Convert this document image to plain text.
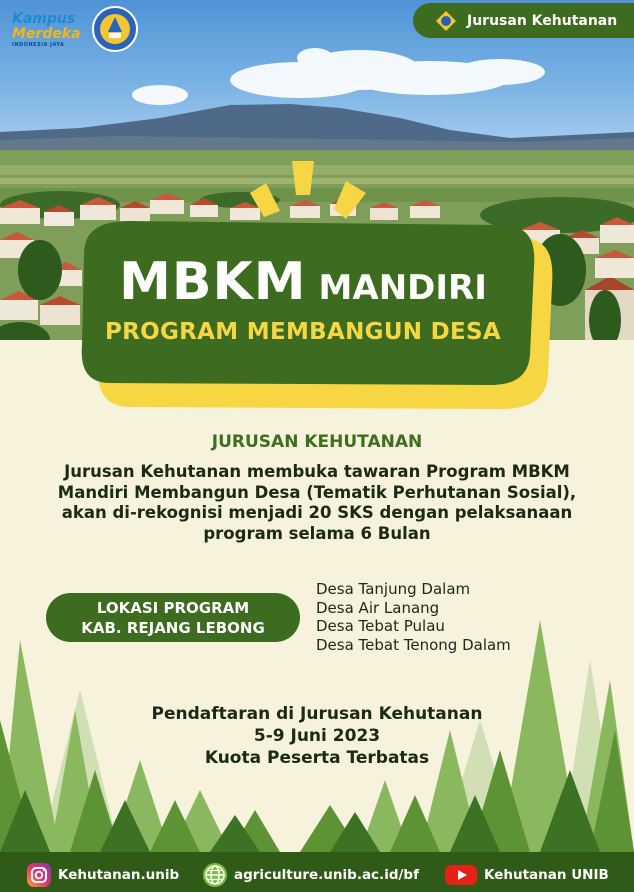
Kampus
Merdeka
INDONESIA JAYA
Jurusan Kehutanan
MBKM MANDIRI
PROGRAM MEMBANGUN DESA
JURUSAN KEHUTANAN
Jurusan Kehutanan membuka tawaran Program MBKM
Mandiri Membangun Desa (Tematik Perhutanan Sosial),
akan di-rekognisi menjadi 20 SKS dengan pelaksanaan
program selama 6 Bulan
LOKASI PROGRAM
KAB. REJANG LEBONG
Desa Tanjung Dalam
Desa Air Lanang
Desa Tebat Pulau
Desa Tebat Tenong Dalam
Pendaftaran di Jurusan Kehutanan
5-9 Juni 2023
Kuota Peserta Terbatas
Kehutanan.unib	agriculture.unib.ac.id/bf	Kehutanan UNIB
